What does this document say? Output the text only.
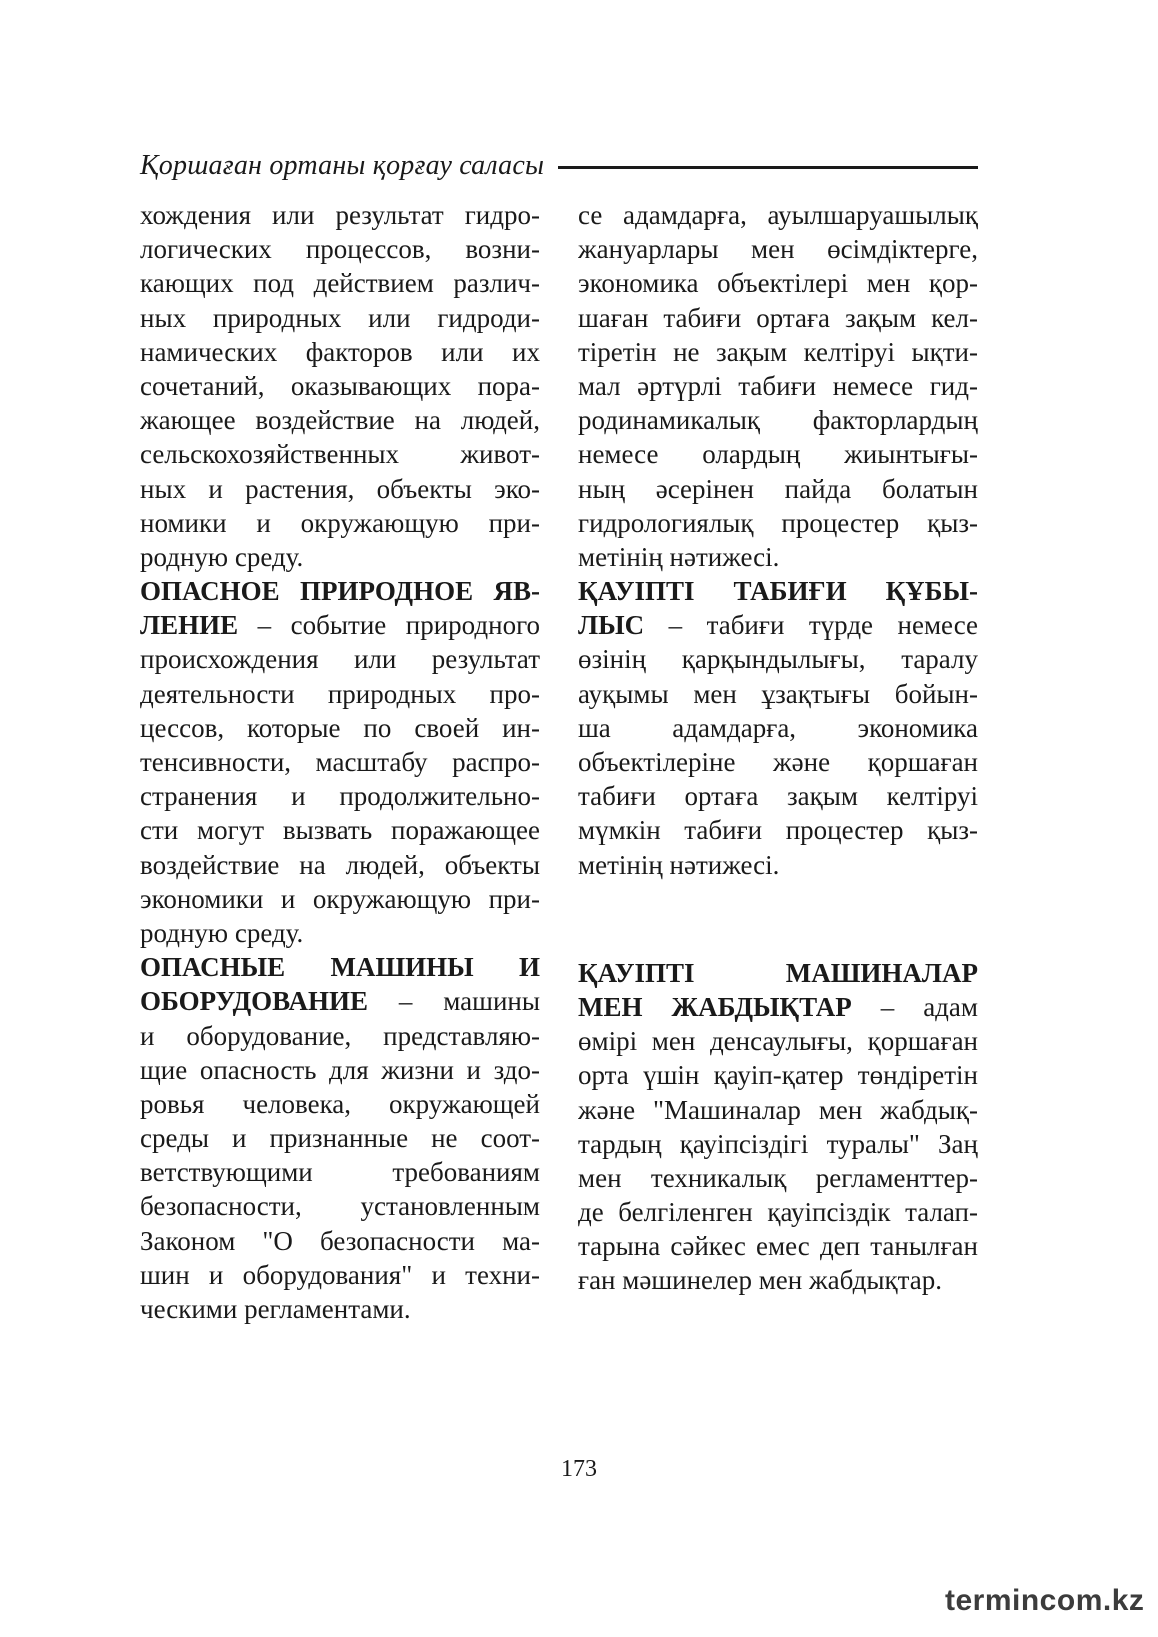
Қоршаған ортаны қорғау саласы
хождения или результат гидро-
логических процессов, возни-
кающих под действием различ-
ных природных или гидроди-
намических факторов или их
сочетаний, оказывающих пора-
жающее воздействие на людей,
сельскохозяйственных живот-
ных и растения, объекты эко-
номики и окружающую при-
родную среду.
ОПАСНОЕ ПРИРОДНОЕ ЯВ-
ЛЕНИЕ – событие природного
происхождения или результат
деятельности природных про-
цессов, которые по своей ин-
тенсивности, масштабу распро-
странения и продолжительно-
сти могут вызвать поражающее
воздействие на людей, объекты
экономики и окружающую при-
родную среду.
ОПАСНЫЕ МАШИНЫ И
ОБОРУДОВАНИЕ – машины
и оборудование, представляю-
щие опасность для жизни и здо-
ровья человека, окружающей
среды и признанные не соот-
ветствующими требованиям
безопасности, установленным
Законом "О безопасности ма-
шин и оборудования" и техни-
ческими регламентами.
се адамдарға, ауылшаруашылық
жануарлары мен өсімдіктерге,
экономика объектілері мен қор-
шаған табиғи ортаға зақым кел-
тіретін не зақым келтіруі ықти-
мал әртүрлі табиғи немесе гид-
родинамикалық факторлардың
немесе олардың жиынтығы-
ның әсерінен пайда болатын
гидрологиялық процестер қыз-
метінің нәтижесі.
ҚАУІПТІ ТАБИҒИ ҚҰБЫ-
ЛЫС – табиғи түрде немесе
өзінің қарқындылығы, таралу
ауқымы мен ұзақтығы бойын-
ша адамдарға, экономика
объектілеріне және қоршаған
табиғи ортаға зақым келтіруі
мүмкін табиғи процестер қыз-
метінің нәтижесі.
ҚАУІПТІ МАШИНАЛАР
МЕН ЖАБДЫҚТАР – адам
өмірі мен денсаулығы, қоршаған
орта үшін қауіп-қатер төндіретін
және "Машиналар мен жабдық-
тардың қауіпсіздігі туралы" Заң
мен техникалық регламенттер-
де белгіленген қауіпсіздік талап-
тарына сәйкес емес деп танылған
ған мәшинелер мен жабдықтар.
173
termincom.kz
